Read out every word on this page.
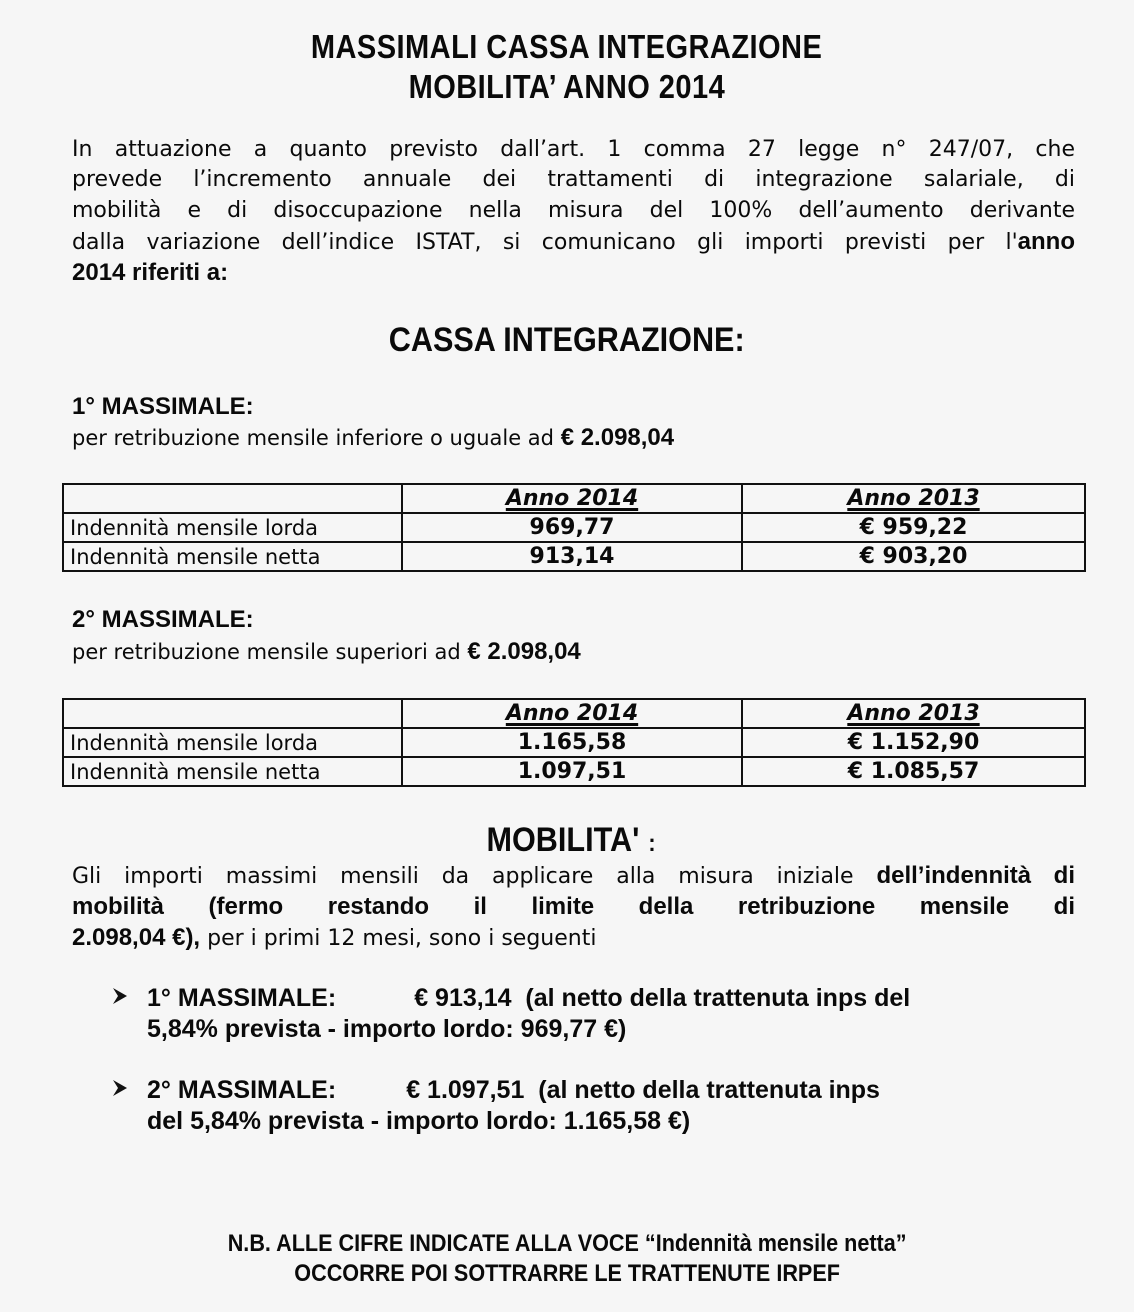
MASSIMALI CASSA INTEGRAZIONE
MOBILITA’ ANNO 2014
In attuazione a quanto previsto dall’art. 1 comma 27 legge n° 247/07, che
prevede l’incremento annuale dei trattamenti di integrazione salariale, di
mobilità e di disoccupazione nella misura del 100% dell’aumento derivante
dalla variazione dell’indice ISTAT, si comunicano gli importi previsti per l'anno
2014 riferiti a:
CASSA INTEGRAZIONE:
1° MASSIMALE:
per retribuzione mensile inferiore o uguale ad € 2.098,04
	Anno 2014	Anno 2013
Indennità mensile lorda	969,77	€ 959,22
Indennità mensile netta	913,14	€ 903,20
2° MASSIMALE:
per retribuzione mensile superiori ad € 2.098,04
	Anno 2014	Anno 2013
Indennità mensile lorda	1.165,58	€ 1.152,90
Indennità mensile netta	1.097,51	€ 1.085,57
MOBILITA':
Gli importi massimi mensili da applicare alla misura iniziale dell’indennità di
mobilità (fermo restando il limite della retribuzione mensile di
2.098,04 €), per i primi 12 mesi, sono i seguenti
1° MASSIMALE:	€ 913,14 (al netto della trattenuta inps del
5,84% prevista - importo lordo: 969,77 €)
2° MASSIMALE:	€ 1.097,51 (al netto della trattenuta inps
del 5,84% prevista - importo lordo: 1.165,58 €)
N.B. ALLE CIFRE INDICATE ALLA VOCE “Indennità mensile netta”
OCCORRE POI SOTTRARRE LE TRATTENUTE IRPEF
